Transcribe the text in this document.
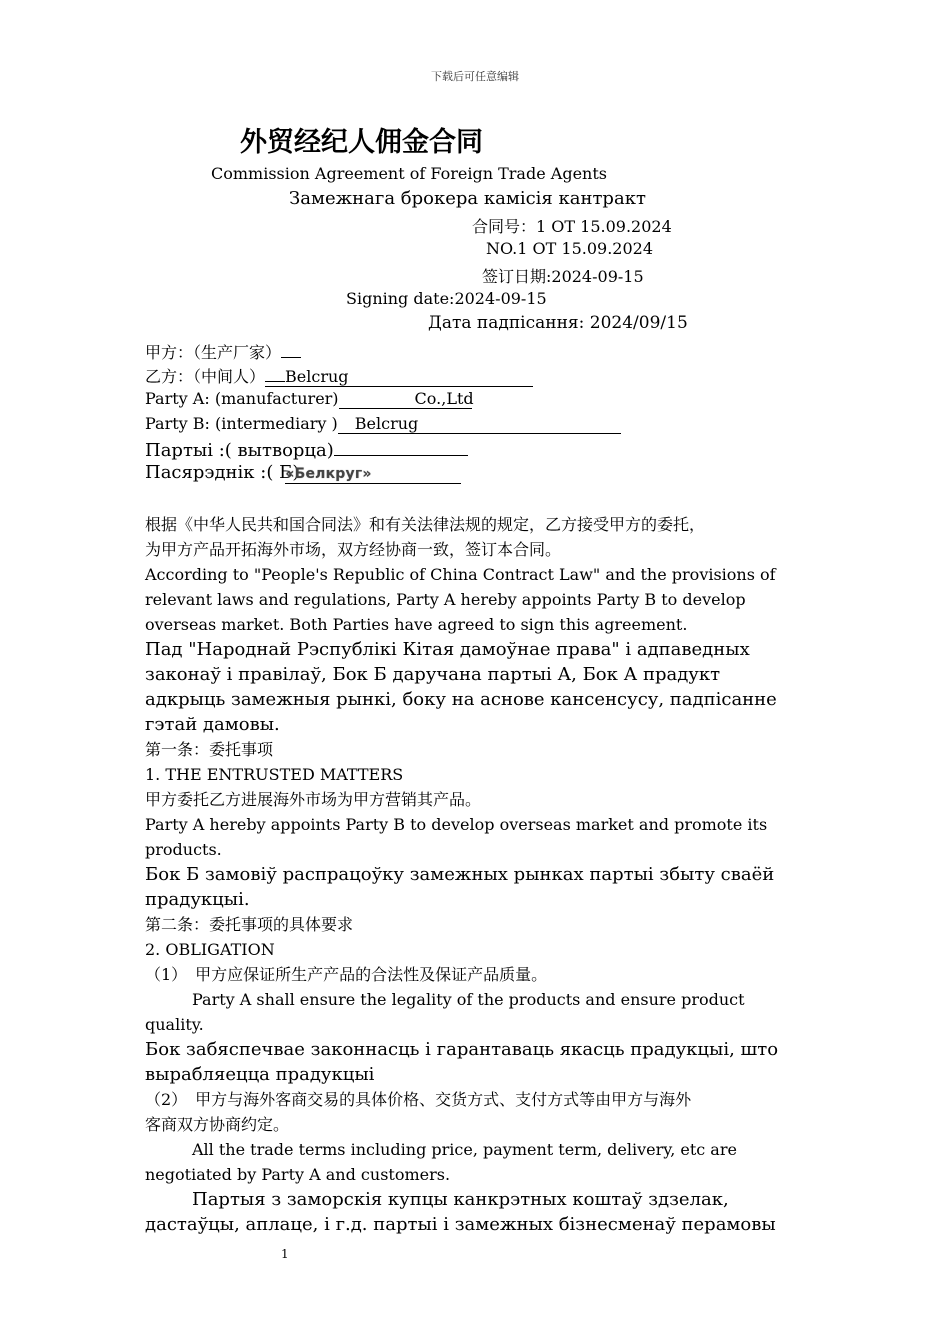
下载后可任意编辑
外贸经纪人佣金合同
Commission Agreement of Foreign Trade Agents
Замежнага брокера камісія кантракт
合同号：1 OT 15.09.2024
NO.1 OT 15.09.2024
签订日期:2024-09-15
Signing date:2024-09-15
Дата падпісання: 2024/09/15
甲方：（生产厂家）
乙方：（中间人） Belcrug
Party A: (manufacturer)	Co.,Ltd
Party B: (intermediary ) Belcrug
Партыі :( вытворца)
Пасярэднік :( Б)«Белкруг»
根据《中华人民共和国合同法》和有关法律法规的规定，乙方接受甲方的委托，
为甲方产品开拓海外市场，双方经协商一致，签订本合同。
According to "People's Republic of China Contract Law" and the provisions of
relevant laws and regulations, Party A hereby appoints Party B to develop
overseas market. Both Parties have agreed to sign this agreement.
Пад "Народнай Рэспублікі Кітая дамоўнае права" і адпаведных
законаў і правілаў, Бок Б даручана партыі А, Бок А прадукт
адкрыць замежныя рынкі, боку на аснове кансенсусу, падпісанне
гэтай дамовы.
第一条：委托事项
1. THE ENTRUSTED MATTERS
甲方委托乙方进展海外市场为甲方营销其产品。
Party A hereby appoints Party B to develop overseas market and promote its
products.
Бок Б замовіў распрацоўку замежных рынках партыі збыту сваёй
прадукцыі.
第二条：委托事项的具体要求
2. OBLIGATION
（1）　甲方应保证所生产产品的合法性及保证产品质量。
Party A shall ensure the legality of the products and ensure product
quality.
Бок забяспечвае законнасць і гарантаваць якасць прадукцыі, што
вырабляецца прадукцыі
（2）　甲方与海外客商交易的具体价格、交货方式、支付方式等由甲方与海外
客商双方协商约定。
All the trade terms including price, payment term, delivery, etc are
negotiated by Party A and customers.
Партыя з заморскія купцы канкрэтных коштаў здзелак,
дастаўцы, аплаце, і г.д. партыі і замежных бізнесменаў перамовы
1
